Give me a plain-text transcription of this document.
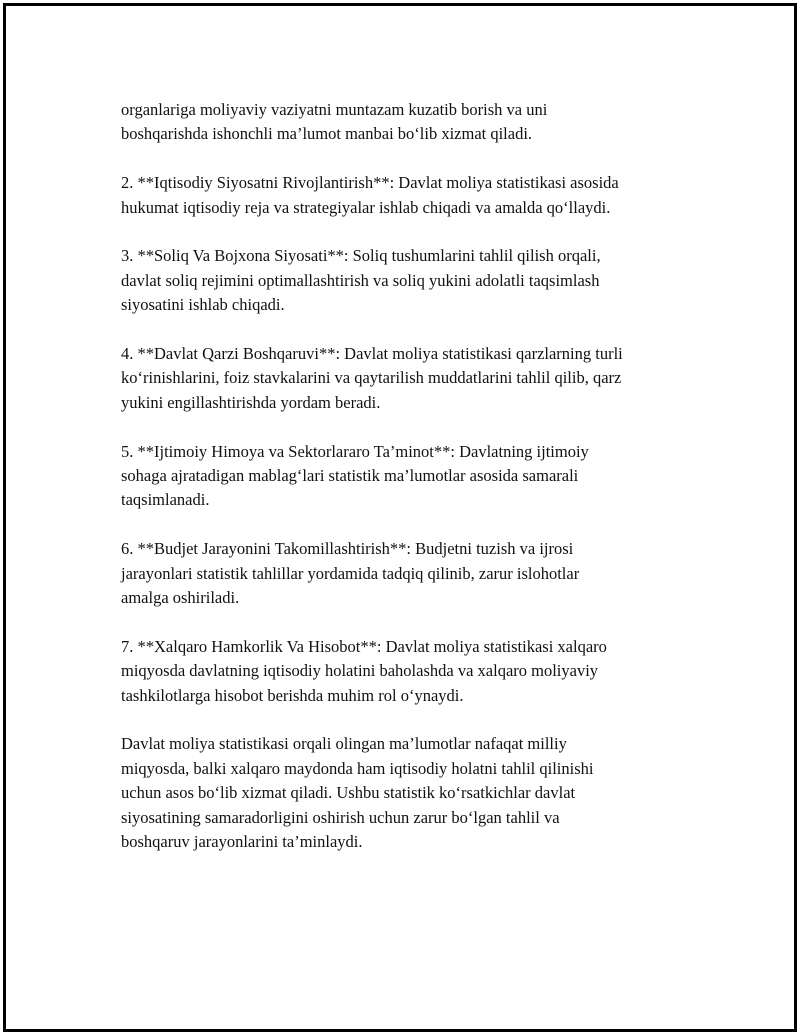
organlariga moliyaviy vaziyatni muntazam kuzatib borish va uni
boshqarishda ishonchli ma’lumot manbai bo‘lib xizmat qiladi.

2. **Iqtisodiy Siyosatni Rivojlantirish**: Davlat moliya statistikasi asosida
hukumat iqtisodiy reja va strategiyalar ishlab chiqadi va amalda qo‘llaydi.

3. **Soliq Va Bojxona Siyosati**: Soliq tushumlarini tahlil qilish orqali,
davlat soliq rejimini optimallashtirish va soliq yukini adolatli taqsimlash
siyosatini ishlab chiqadi.

4. **Davlat Qarzi Boshqaruvi**: Davlat moliya statistikasi qarzlarning turli
ko‘rinishlarini, foiz stavkalarini va qaytarilish muddatlarini tahlil qilib, qarz
yukini engillashtirishda yordam beradi.

5. **Ijtimoiy Himoya va Sektorlararo Ta’minot**: Davlatning ijtimoiy
sohaga ajratadigan mablag‘lari statistik ma’lumotlar asosida samarali
taqsimlanadi.

6. **Budjet Jarayonini Takomillashtirish**: Budjetni tuzish va ijrosi
jarayonlari statistik tahlillar yordamida tadqiq qilinib, zarur islohotlar
amalga oshiriladi.

7. **Xalqaro Hamkorlik Va Hisobot**: Davlat moliya statistikasi xalqaro
miqyosda davlatning iqtisodiy holatini baholashda va xalqaro moliyaviy
tashkilotlarga hisobot berishda muhim rol o‘ynaydi.

Davlat moliya statistikasi orqali olingan ma’lumotlar nafaqat milliy
miqyosda, balki xalqaro maydonda ham iqtisodiy holatni tahlil qilinishi
uchun asos bo‘lib xizmat qiladi. Ushbu statistik ko‘rsatkichlar davlat
siyosatining samaradorligini oshirish uchun zarur bo‘lgan tahlil va
boshqaruv jarayonlarini ta’minlaydi.
